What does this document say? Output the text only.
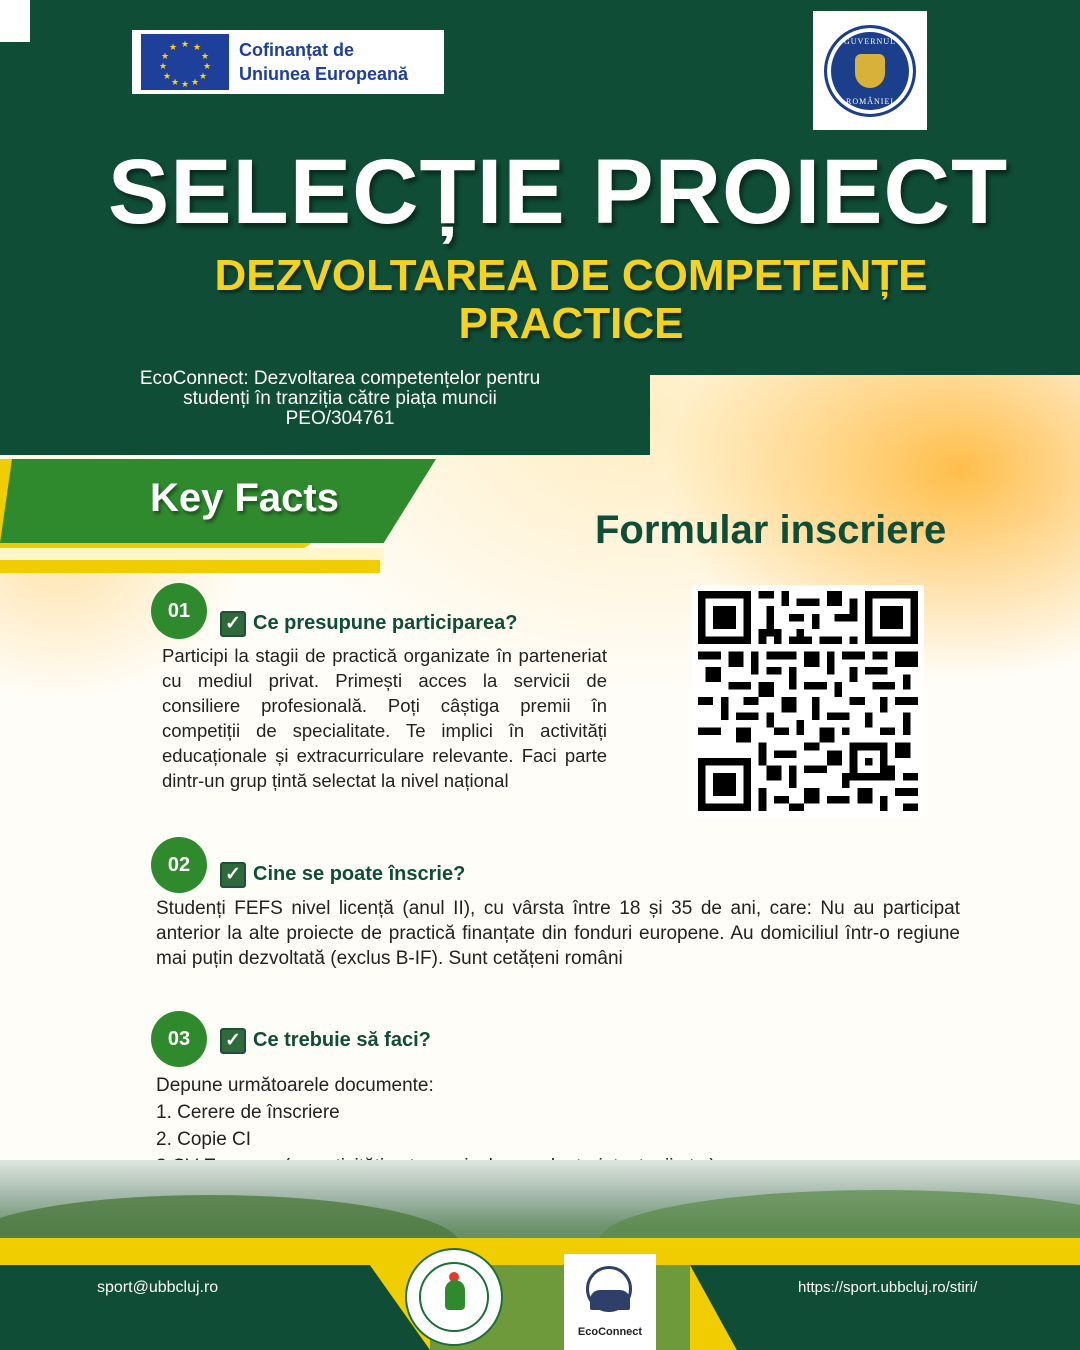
★ ★
★
★
★
★
★
★
★
★
★
★	Cofinanțat de
Uniunea Europeană
GUVERNUL
ROMÂNIEI
SELECȚIE PROIECT
DEZVOLTAREA DE COMPETENȚE PRACTICE
EcoConnect: Dezvoltarea competențelor pentru
studenți în tranziția către piața muncii
PEO/304761
Key Facts
Formular inscriere
01
✓ Ce presupune participarea?
Participi la stagii de practică organizate în parteneriat cu mediul privat. Primești acces la servicii de consiliere profesională. Poți câștiga premii în competiții de specialitate. Te implici în activități educaționale și extracurriculare relevante. Faci parte dintr-un grup țintă selectat la nivel național
02	✓ Cine se poate înscrie?
Studenți FEFS nivel licență (anul II), cu vârsta între 18 și 35 de ani, care: Nu au participat anterior la alte proiecte de practică finanțate din fonduri europene. Au domiciliul într-o regiune mai puțin dezvoltată (exclus B-IF). Sunt cetățeni români
03	✓ Ce trebuie să faci?
Depune următoarele documente:
1. Cerere de înscriere
2. Copie CI
sport@ubbcluj.ro	https://sport.ubbcluj.ro/stiri/
EcoConnect
